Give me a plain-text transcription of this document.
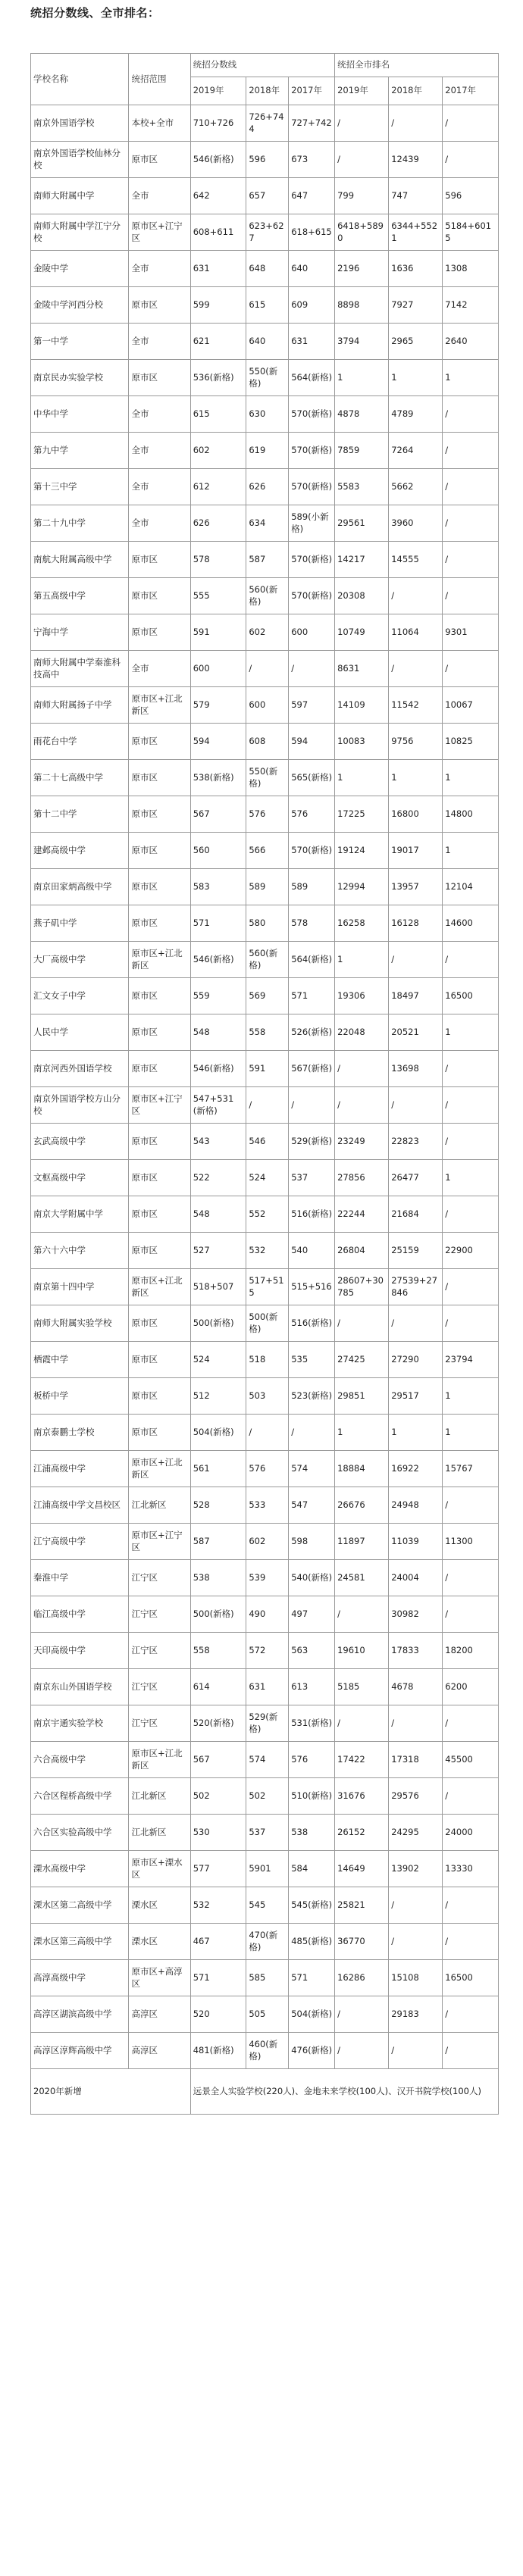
统招分数线、全市排名：
学校名称	统招范围	统招分数线			统招全市排名		
		2019年	2018年	2017年	2019年	2018年	2017年
南京外国语学校	本校+全市	710+726	726+744	727+742	/	/	/
南京外国语学校仙林分校	原市区	546(新格)	596	673	/	12439	/
南师大附属中学	全市	642	657	647	799	747	596
南师大附属中学江宁分校	原市区+江宁区	608+611	623+627	618+615	6418+5890	6344+5521	5184+6015
金陵中学	全市	631	648	640	2196	1636	1308
金陵中学河西分校	原市区	599	615	609	8898	7927	7142
第一中学	全市	621	640	631	3794	2965	2640
南京民办实验学校	原市区	536(新格)	550(新格)	564(新格)	1	1	1
中华中学	全市	615	630	570(新格)	4878	4789	/
第九中学	全市	602	619	570(新格)	7859	7264	/
第十三中学	全市	612	626	570(新格)	5583	5662	/
第二十九中学	全市	626	634	589(小新格)	29561	3960	/
南航大附属高级中学	原市区	578	587	570(新格)	14217	14555	/
第五高级中学	原市区	555	560(新格)	570(新格)	20308	/	/
宁海中学	原市区	591	602	600	10749	11064	9301
南师大附属中学秦淮科技高中	全市	600	/	/	8631	/	/
南师大附属扬子中学	原市区+江北新区	579	600	597	14109	11542	10067
雨花台中学	原市区	594	608	594	10083	9756	10825
第二十七高级中学	原市区	538(新格)	550(新格)	565(新格)	1	1	1
第十二中学	原市区	567	576	576	17225	16800	14800
建邺高级中学	原市区	560	566	570(新格)	19124	19017	1
南京田家炳高级中学	原市区	583	589	589	12994	13957	12104
燕子矶中学	原市区	571	580	578	16258	16128	14600
大厂高级中学	原市区+江北新区	546(新格)	560(新格)	564(新格)	1	/	/
汇文女子中学	原市区	559	569	571	19306	18497	16500
人民中学	原市区	548	558	526(新格)	22048	20521	1
南京河西外国语学校	原市区	546(新格)	591	567(新格)	/	13698	/
南京外国语学校方山分校	原市区+江宁区	547+531(新格)	/	/	/	/	/
玄武高级中学	原市区	543	546	529(新格)	23249	22823	/
文枢高级中学	原市区	522	524	537	27856	26477	1
南京大学附属中学	原市区	548	552	516(新格)	22244	21684	/
第六十六中学	原市区	527	532	540	26804	25159	22900
南京第十四中学	原市区+江北新区	518+507	517+515	515+516	28607+30785	27539+27846	/
南师大附属实验学校	原市区	500(新格)	500(新格)	516(新格)	/	/	/
栖霞中学	原市区	524	518	535	27425	27290	23794
板桥中学	原市区	512	503	523(新格)	29851	29517	1
南京泰鹏士学校	原市区	504(新格)	/	/	1	1	1
江浦高级中学	原市区+江北新区	561	576	574	18884	16922	15767
江浦高级中学文昌校区	江北新区	528	533	547	26676	24948	/
江宁高级中学	原市区+江宁区	587	602	598	11897	11039	11300
秦淮中学	江宁区	538	539	540(新格)	24581	24004	/
临江高级中学	江宁区	500(新格)	490	497	/	30982	/
天印高级中学	江宁区	558	572	563	19610	17833	18200
南京东山外国语学校	江宁区	614	631	613	5185	4678	6200
南京宇通实验学校	江宁区	520(新格)	529(新格)	531(新格)	/	/	/
六合高级中学	原市区+江北新区	567	574	576	17422	17318	45500
六合区程桥高级中学	江北新区	502	502	510(新格)	31676	29576	/
六合区实验高级中学	江北新区	530	537	538	26152	24295	24000
溧水高级中学	原市区+溧水区	577	5901	584	14649	13902	13330
溧水区第二高级中学	溧水区	532	545	545(新格)	25821	/	/
溧水区第三高级中学	溧水区	467	470(新格)	485(新格)	36770	/	/
高淳高级中学	原市区+高淳区	571	585	571	16286	15108	16500
高淳区湖滨高级中学	高淳区	520	505	504(新格)	/	29183	/
高淳区淳辉高级中学	高淳区	481(新格)	460(新格)	476(新格)	/	/	/
2020年新增		远景全人实验学校(220人)、金地未来学校(100人)、汉开书院学校(100人)					
